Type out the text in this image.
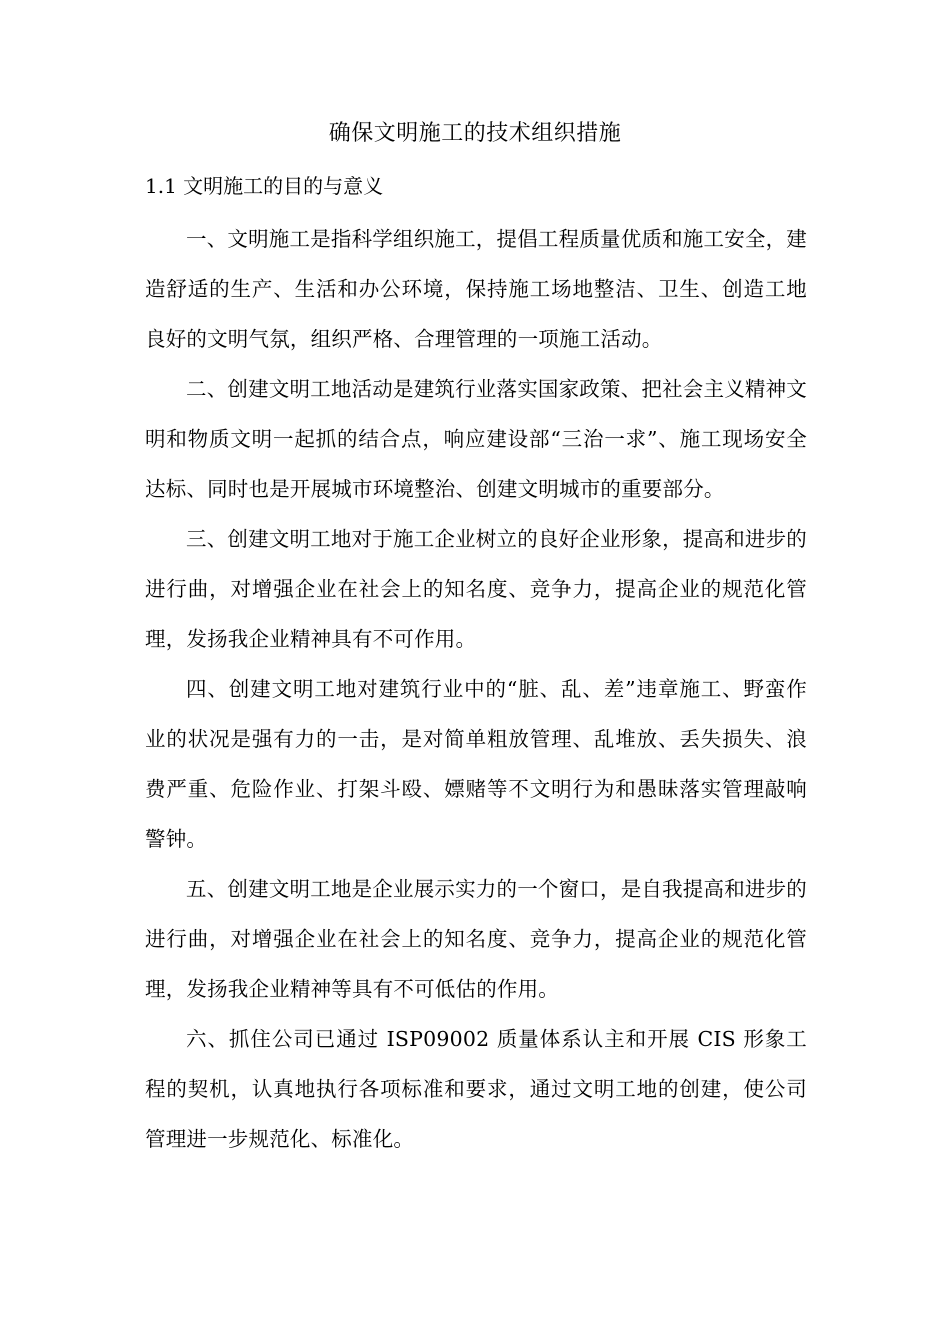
确保文明施工的技术组织措施
1.1 文明施工的目的与意义

一、文明施工是指科学组织施工，提倡工程质量优质和施工安全，建造舒适的生产、生活和办公环境，保持施工场地整洁、卫生、创造工地良好的文明气氛，组织严格、合理管理的一项施工活动。

二、创建文明工地活动是建筑行业落实国家政策、把社会主义精神文明和物质文明一起抓的结合点，响应建设部“三治一求”、施工现场安全达标、同时也是开展城市环境整治、创建文明城市的重要部分。

三、创建文明工地对于施工企业树立的良好企业形象，提高和进步的进行曲，对增强企业在社会上的知名度、竞争力，提高企业的规范化管理，发扬我企业精神具有不可作用。

四、创建文明工地对建筑行业中的“脏、乱、差”违章施工、野蛮作业的状况是强有力的一击，是对简单粗放管理、乱堆放、丢失损失、浪费严重、危险作业、打架斗殴、嫖赌等不文明行为和愚昧落实管理敲响警钟。

五、创建文明工地是企业展示实力的一个窗口，是自我提高和进步的进行曲，对增强企业在社会上的知名度、竞争力，提高企业的规范化管理，发扬我企业精神等具有不可低估的作用。

六、抓住公司已通过 ISP09002 质量体系认主和开展 CIS 形象工程的契机，认真地执行各项标准和要求，通过文明工地的创建，使公司管理进一步规范化、标准化。
